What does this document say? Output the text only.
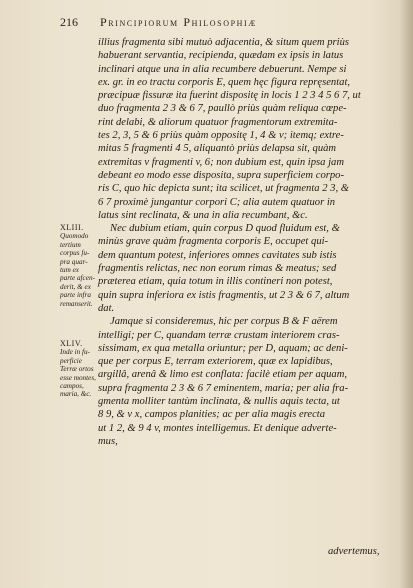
216 Principiorum Philosophiæ
illius fragmenta sibi mutuò adjacentia, & situm quem priùs
habuerant servantia, recipienda, quædam ex ipsis in latus
inclinari atque una in alia recumbere debuerunt. Nempe si
ex. gr. in eo tractu corporis E, quem hęc figura repręsentat,
præcipuæ fissuræ ita fuerint dispositę in locis 1 2 3 4 5 6 7, ut
duo fragmenta 2 3 & 6 7, paullò priùs quàm reliqua cœpe-
rint delabi, & aliorum quatuor fragmentorum extremita-
tes 2, 3, 5 & 6 priùs quàm oppositę 1, 4 & v; itemq; extre-
mitas 5 fragmenti 4 5, aliquantò priùs delapsa sit, quàm
extremitas v fragmenti v, 6; non dubium est, quin ipsa jam
debeant eo modo esse disposita, supra superficiem corpo-
ris C, quo hic depicta sunt; ita scilicet, ut fragmenta 2 3, &
6 7 proximè jungantur corpori C; alia autem quatuor in
latus sint reclinata, & una in alia recumbant, &c.
Nec dubium etiam, quin corpus D quod fluidum est, &
minùs grave quàm fragmenta corporis E, occupet qui-
dem quantum potest, inferiores omnes cavitates sub istis
fragmentis relictas, nec non eorum rimas & meatus; sed
præterea etiam, quia totum in illis contineri non potest,
quin supra inferiora ex istis fragmentis, ut 2 3 & 6 7, altum
dat.
Jamque si consideremus, hic per corpus B & F aërem
intelligi; per C, quandam terræ crustam interiorem cras-
sissimam, ex qua metalla oriuntur; per D, aquam; ac deni-
que per corpus E, terram exteriorem, quæ ex lapidibus,
argillâ, arenâ & limo est conflata: facilè etiam per aquam,
supra fragmenta 2 3 & 6 7 eminentem, maria; per alia fra-
gmenta molliter tantùm inclinata, & nullis aquis tecta, ut
8 9, & v x, campos planities; ac per alia magis erecta
ut 1 2, & 9 4 v, montes intelligemus. Et denique adverte-
mus,
XLIII.
Quomodo
tertium
corpus fu-
pra quar-
tum ex
parte afcen-
derit, & ex
parte infra
remanserit.
XLIV.
Inde in fu-
perficie
Terræ ortos
esse montes,
campos,
maria, &c.
advertemus,
